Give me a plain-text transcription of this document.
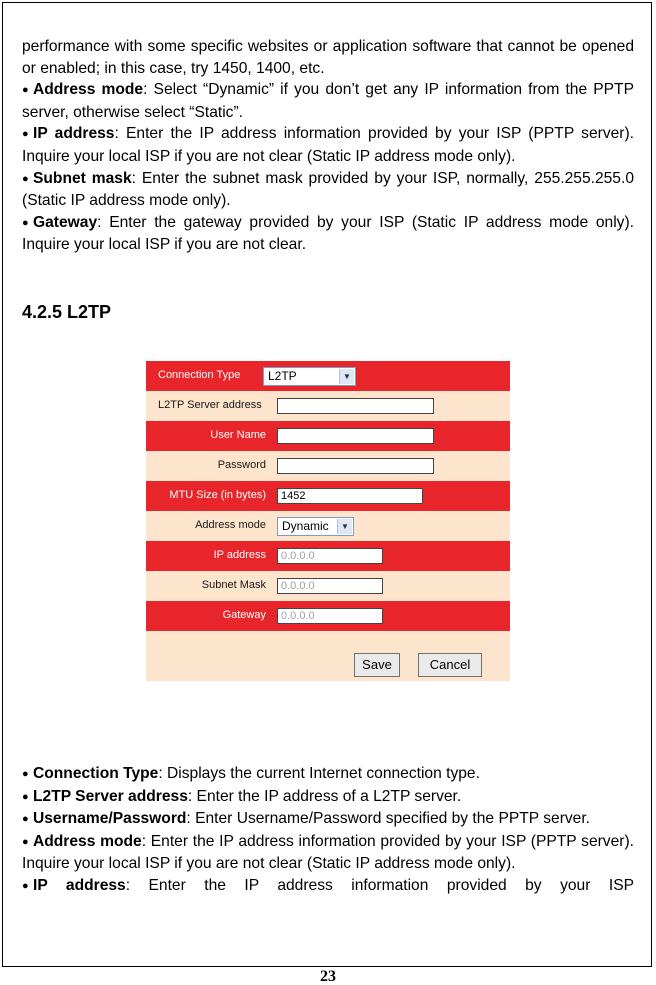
performance with some specific websites or application software that cannot be opened or enabled; in this case, try 1450, 1400, etc.

● Address mode: Select “Dynamic” if you don’t get any IP information from the PPTP server, otherwise select “Static”.

● IP address: Enter the IP address information provided by your ISP (PPTP server). Inquire your local ISP if you are not clear (Static IP address mode only).

● Subnet mask: Enter the subnet mask provided by your ISP, normally, 255.255.255.0 (Static IP address mode only).

● Gateway: Enter the gateway provided by your ISP (Static IP address mode only). Inquire your local ISP if you are not clear.

4.2.5 L2TP
Connection Type	L2TP	▼
L2TP Server address
User Name
Password
MTU Size (in bytes)	1452
Address mode	Dynamic	▼
IP address	0.0.0.0
Subnet Mask	0.0.0.0
Gateway	0.0.0.0
Save	Cancel

● Connection Type: Displays the current Internet connection type.

● L2TP Server address: Enter the IP address of a L2TP server.

● Username/Password: Enter Username/Password specified by the PPTP server.

● Address mode: Enter the IP address information provided by your ISP (PPTP server). Inquire your local ISP if you are not clear (Static IP address mode only).

● IP address: Enter the IP address information provided by your ISP

23
